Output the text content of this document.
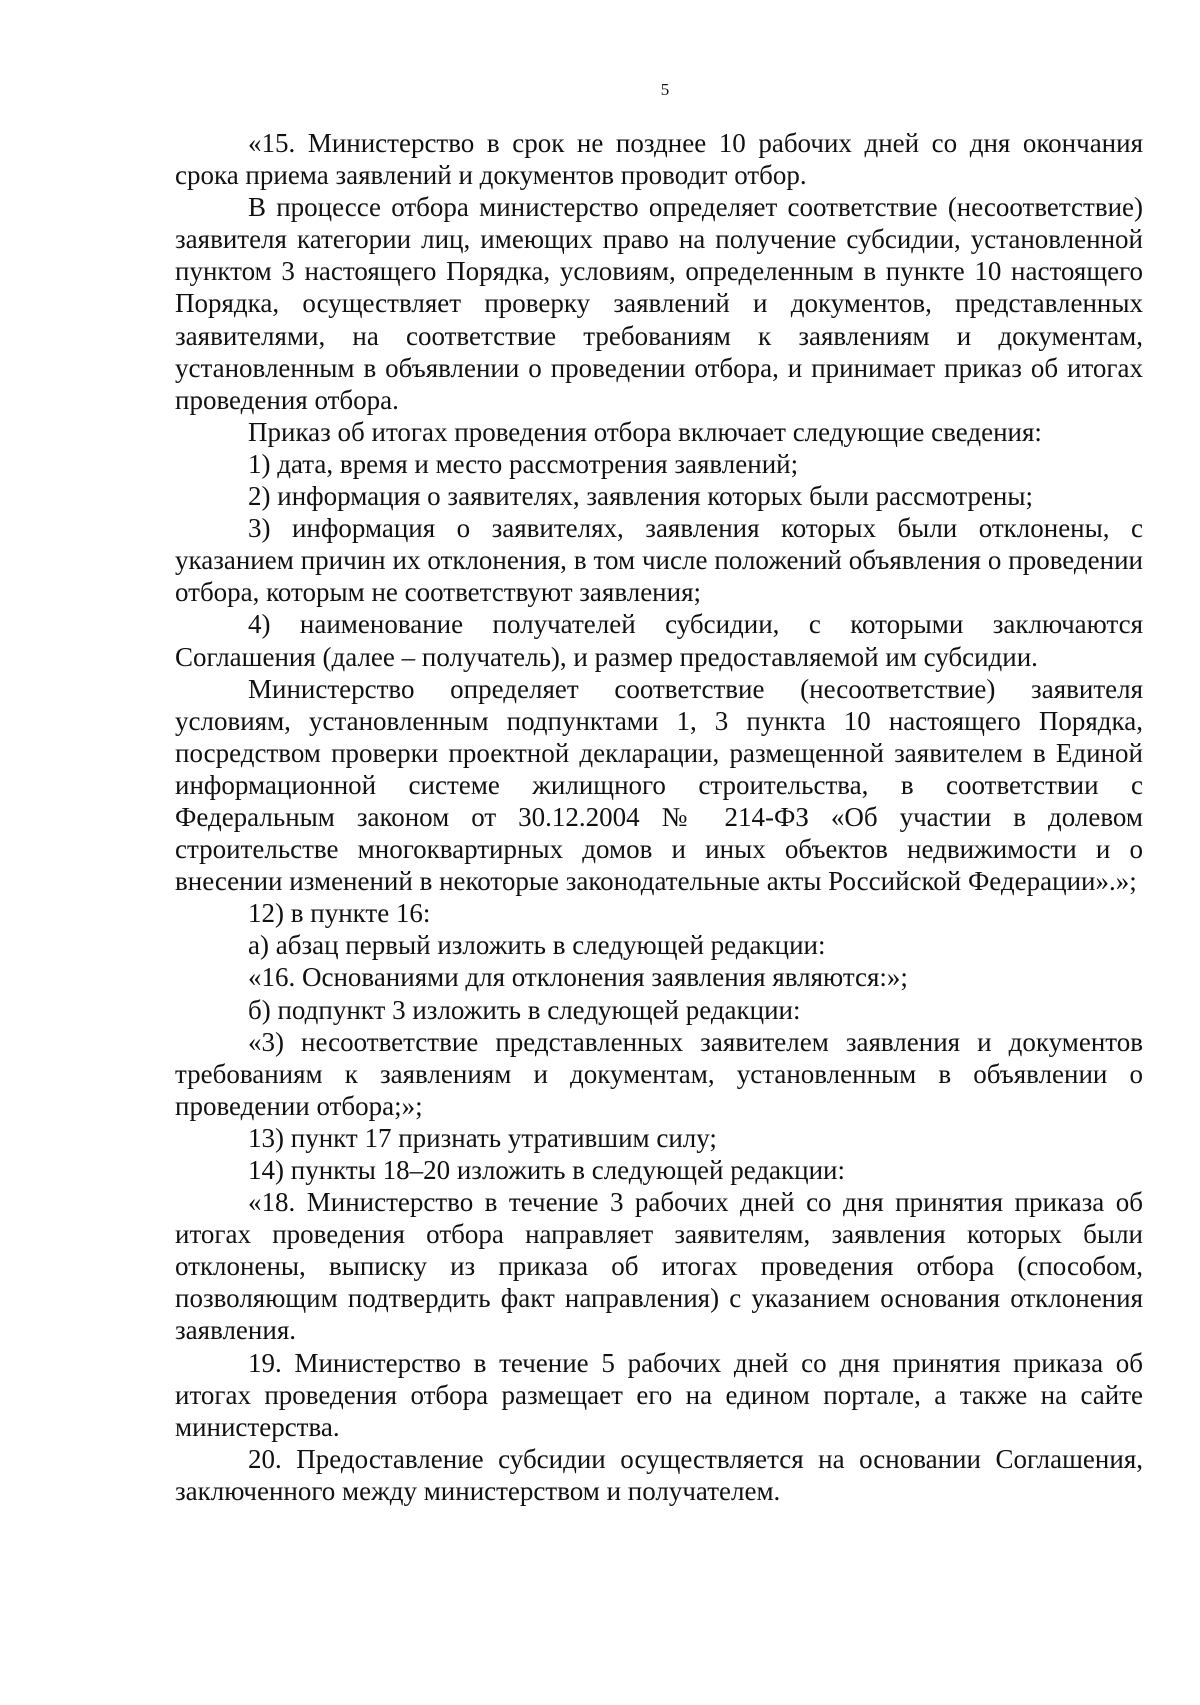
5

«15. Министерство в срок не позднее 10 рабочих дней со дня окончания срока приема заявлений и документов проводит отбор.

В процессе отбора министерство определяет соответствие (несоответствие) заявителя категории лиц, имеющих право на получение субсидии, установленной пунктом 3 настоящего Порядка, условиям, определенным в пункте 10 настоящего Порядка, осуществляет проверку заявлений и документов, представленных заявителями, на соответствие требованиям к заявлениям и документам, установленным в объявлении о проведении отбора, и принимает приказ об итогах проведения отбора.

Приказ об итогах проведения отбора включает следующие сведения:

1) дата, время и место рассмотрения заявлений;

2) информация о заявителях, заявления которых были рассмотрены;

3) информация о заявителях, заявления которых были отклонены, с указанием причин их отклонения, в том числе положений объявления о проведении отбора, которым не соответствуют заявления;

4) наименование получателей субсидии, с которыми заключаются Соглашения (далее – получатель), и размер предоставляемой им субсидии.

Министерство определяет соответствие (несоответствие) заявителя условиям, установленным подпунктами 1, 3 пункта 10 настоящего Порядка, посредством проверки проектной декларации, размещенной заявителем в Единой информационной системе жилищного строительства, в соответствии с Федеральным законом от 30.12.2004 № 214-ФЗ «Об участии в долевом строительстве многоквартирных домов и иных объектов недвижимости и о внесении изменений в некоторые законодательные акты Российской Федерации».»;

12) в пункте 16:

а) абзац первый изложить в следующей редакции:

«16. Основаниями для отклонения заявления являются:»;

б) подпункт 3 изложить в следующей редакции:

«3) несоответствие представленных заявителем заявления и документов требованиям к заявлениям и документам, установленным в объявлении о проведении отбора;»;

13) пункт 17 признать утратившим силу;

14) пункты 18–20 изложить в следующей редакции:

«18. Министерство в течение 3 рабочих дней со дня принятия приказа об итогах проведения отбора направляет заявителям, заявления которых были отклонены, выписку из приказа об итогах проведения отбора (способом, позволяющим подтвердить факт направления) с указанием основания отклонения заявления.

19. Министерство в течение 5 рабочих дней со дня принятия приказа об итогах проведения отбора размещает его на едином портале, а также на сайте министерства.

20. Предоставление субсидии осуществляется на основании Соглашения, заключенного между министерством и получателем.
